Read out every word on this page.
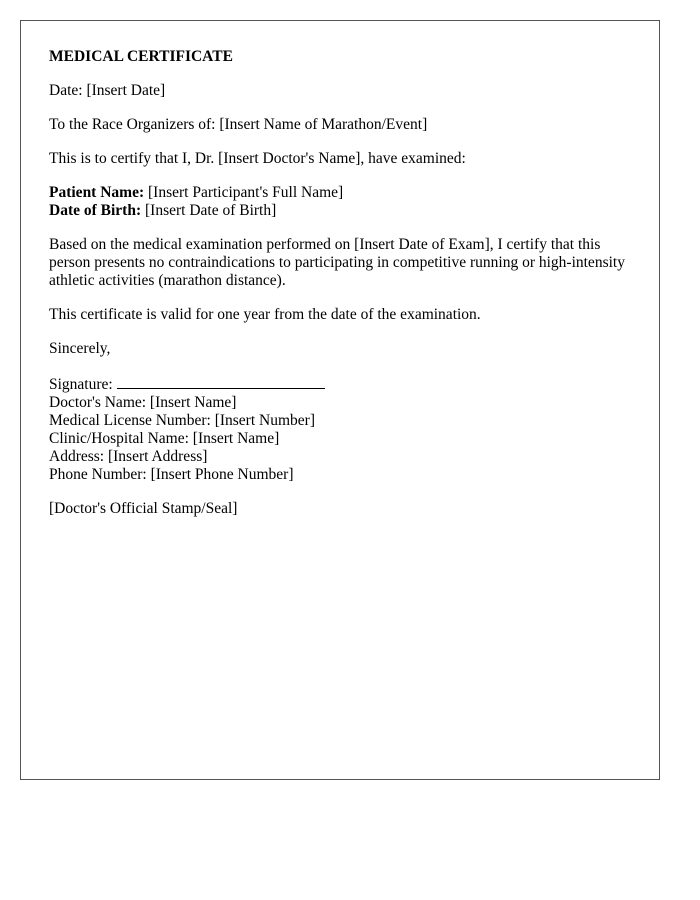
MEDICAL CERTIFICATE
Date: [Insert Date]
To the Race Organizers of: [Insert Name of Marathon/Event]
This is to certify that I, Dr. [Insert Doctor's Name], have examined:
Patient Name: [Insert Participant's Full Name]
Date of Birth: [Insert Date of Birth]
Based on the medical examination performed on [Insert Date of Exam], I certify that this person presents no contraindications to participating in competitive running or high-intensity athletic activities (marathon distance).
This certificate is valid for one year from the date of the examination.
Sincerely,
Signature:
Doctor's Name: [Insert Name]
Medical License Number: [Insert Number]
Clinic/Hospital Name: [Insert Name]
Address: [Insert Address]
Phone Number: [Insert Phone Number]
[Doctor's Official Stamp/Seal]
